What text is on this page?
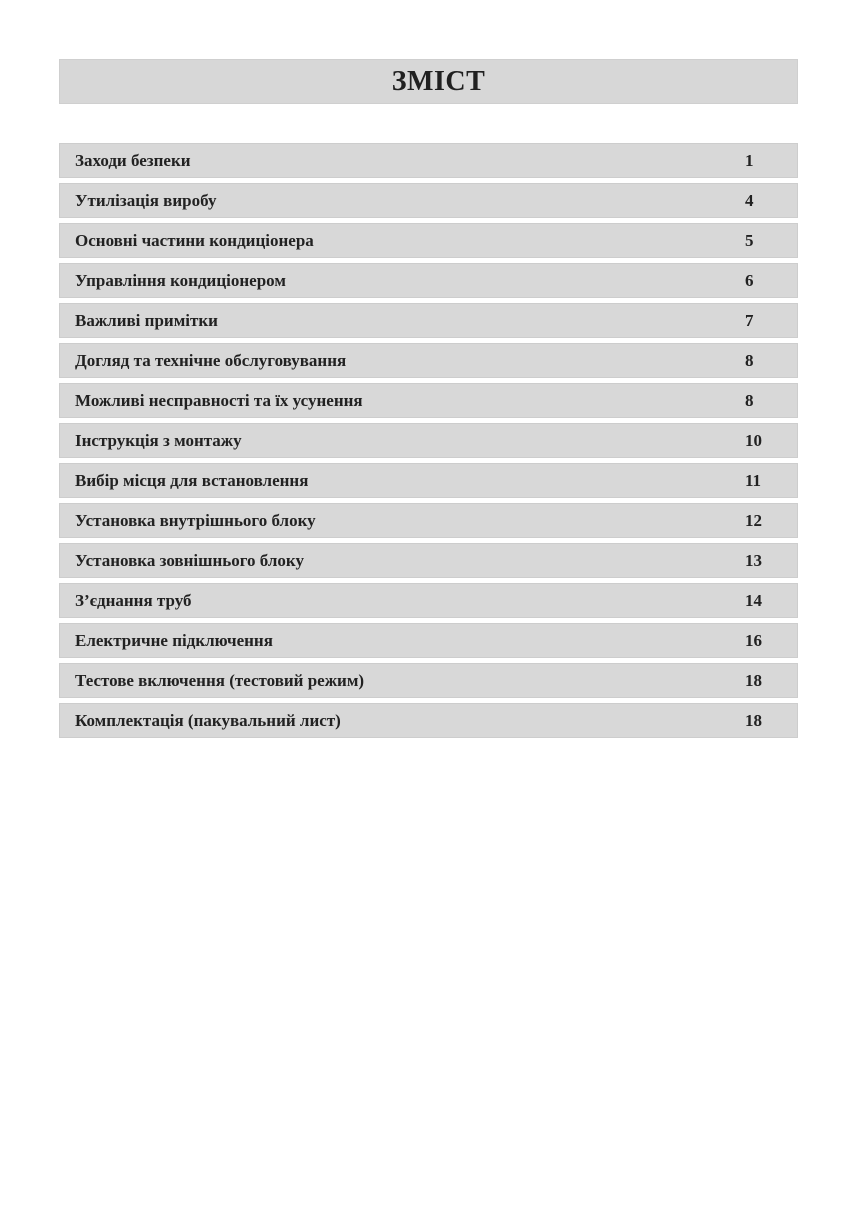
ЗМІСТ
Заходи безпеки	1
Утилізація виробу	4
Основні частини кондиціонера	5
Управління кондиціонером	6
Важливі примітки	7
Догляд та технічне обслуговування	8
Можливі несправності та їх усунення	8
Інструкція з монтажу	10
Вибір місця для встановлення	11
Установка внутрішнього блоку	12
Установка зовнішнього блоку	13
З’єднання труб	14
Електричне підключення	16
Тестове включення (тестовий режим)	18
Комплектація (пакувальний лист)	18
